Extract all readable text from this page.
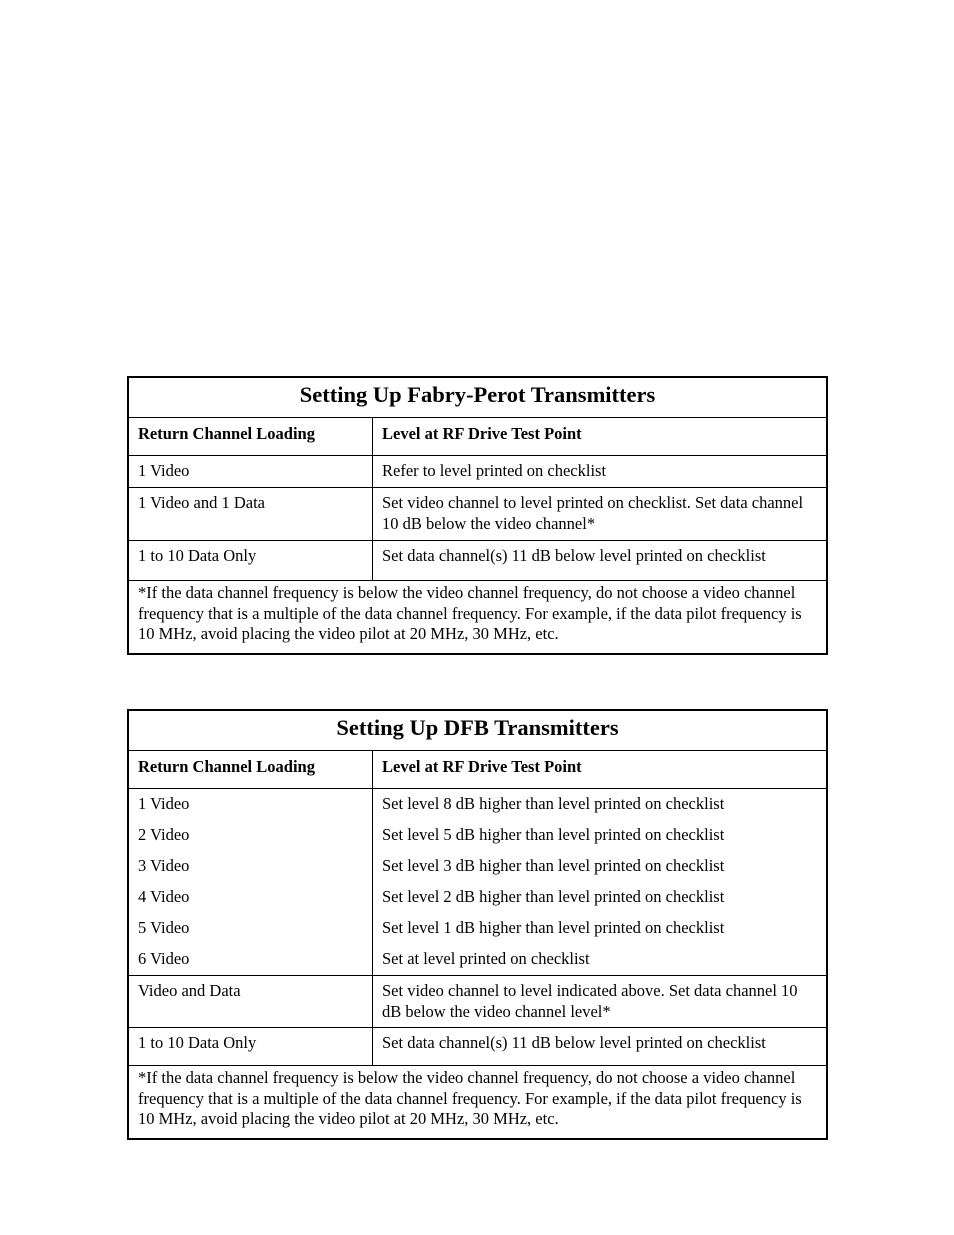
Setting Up Fabry-Perot Transmitters
Return Channel Loading	Level at RF Drive Test Point
1 Video	Refer to level printed on checklist
1 Video and 1 Data	Set video channel to level printed on checklist. Set data channel 10 dB below the video channel*
1 to 10 Data Only	Set data channel(s) 11 dB below level printed on checklist
*If the data channel frequency is below the video channel frequency, do not choose a video channel frequency that is a multiple of the data channel frequency. For example, if the data pilot frequency is 10 MHz, avoid placing the video pilot at 20 MHz, 30 MHz, etc.
Setting Up DFB Transmitters
Return Channel Loading	Level at RF Drive Test Point
1 Video	Set level 8 dB higher than level printed on checklist
2 Video	Set level 5 dB higher than level printed on checklist
3 Video	Set level 3 dB higher than level printed on checklist
4 Video	Set level 2 dB higher than level printed on checklist
5 Video	Set level 1 dB higher than level printed on checklist
6 Video	Set at level printed on checklist
Video and Data	Set video channel to level indicated above. Set data channel 10 dB below the video channel level*
1 to 10 Data Only	Set data channel(s) 11 dB below level printed on checklist
*If the data channel frequency is below the video channel frequency, do not choose a video channel frequency that is a multiple of the data channel frequency. For example, if the data pilot frequency is 10 MHz, avoid placing the video pilot at 20 MHz, 30 MHz, etc.
